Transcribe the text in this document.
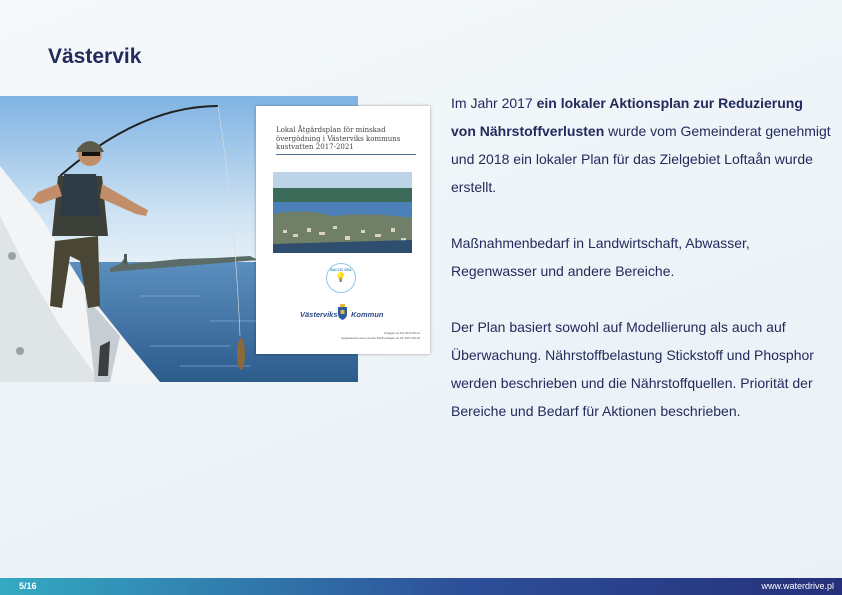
Västervik
Lokal Åtgärdsplan för minskad övergödning i Västerviks kommuns kustvatten 2017-2021
BALTIC SEA
💡
Västerviks Kommun
Antagen av KS 2017-05-11
Uppdaterad med en Foton 2018 antagen av KF 2017-06-19

Im Jahr 2017 ein lokaler Aktionsplan zur Reduzierung von Nährstoffverlusten wurde vom Gemeinderat genehmigt und 2018 ein lokaler Plan für das Zielgebiet Loftaån wurde erstellt.

Maßnahmenbedarf in Landwirtschaft, Abwasser, Regenwasser und andere Bereiche.

Der Plan basiert sowohl auf Modellierung als auch auf Überwachung. Nährstoffbelastung Stickstoff und Phosphor werden beschrieben und die Nährstoffquellen. Priorität der Bereiche und Bedarf für Aktionen beschrieben.

5/16	www.waterdrive.pl
